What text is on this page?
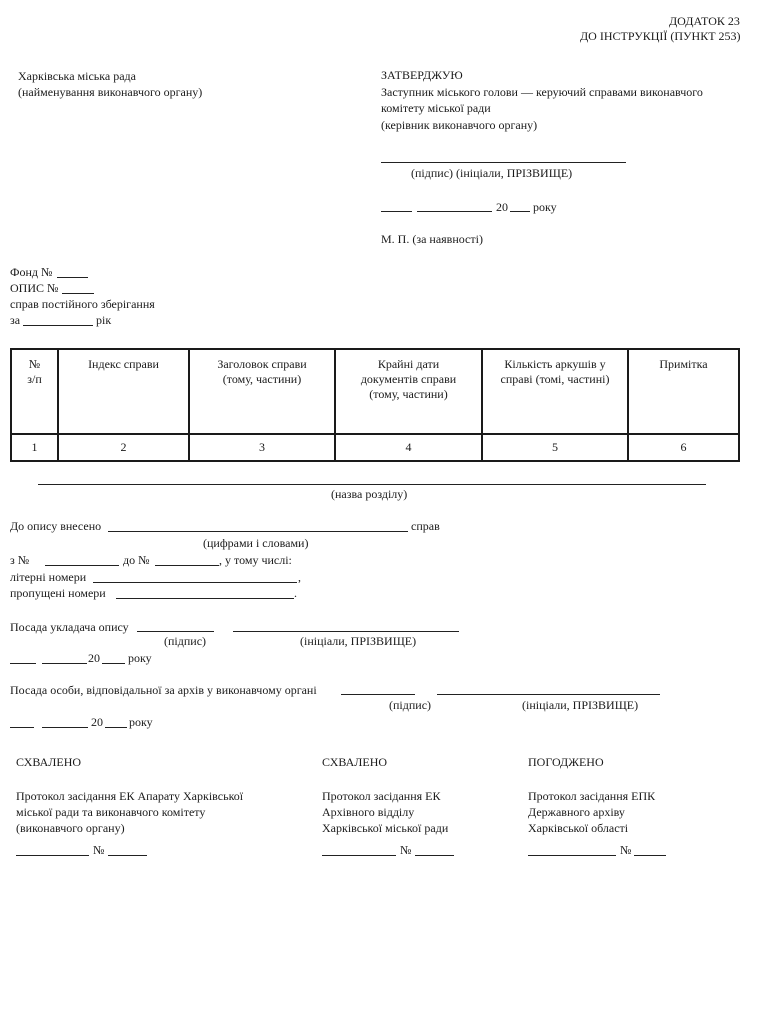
ДОДАТОК 23
ДО ІНСТРУКЦІЇ (ПУНКТ 253)
Харківська міська рада
(найменування виконавчого органу)
ЗАТВЕРДЖУЮ
Заступник міського голови — керуючий справами виконавчого
комітету міської ради
(керівник виконавчого органу)
(підпис) (ініціали, ПРІЗВИЩЕ)
20 року
М. П. (за наявності)
Фонд №
ОПИС №
справ постійного зберігання
за	рік
№ з/п	Індекс справи	Заголовок справи (тому, частини)	Крайні дати документів справи (тому, частини)	Кількість аркушів у справі (томі, частині)	Примітка
1	2	3	4	5	6
(назва розділу)
До опису внесено	справ
(цифрами і словами)
з №	до №	, у тому числі:
літерні номери	,
пропущені номери	.
Посада укладача опису
(підпис)	(ініціали, ПРІЗВИЩЕ)
20 року
Посада особи, відповідальної за архів у виконавчому органі
(підпис)	(ініціали, ПРІЗВИЩЕ)
20 року
СХВАЛЕНО
Протокол засідання ЕК Апарату Харківської
міської ради та виконавчого комітету
(виконавчого органу)
№
СХВАЛЕНО
Протокол засідання ЕК
Архівного відділу
Харківської міської ради
№
ПОГОДЖЕНО
Протокол засідання ЕПК
Державного архіву
Харківської області
№
